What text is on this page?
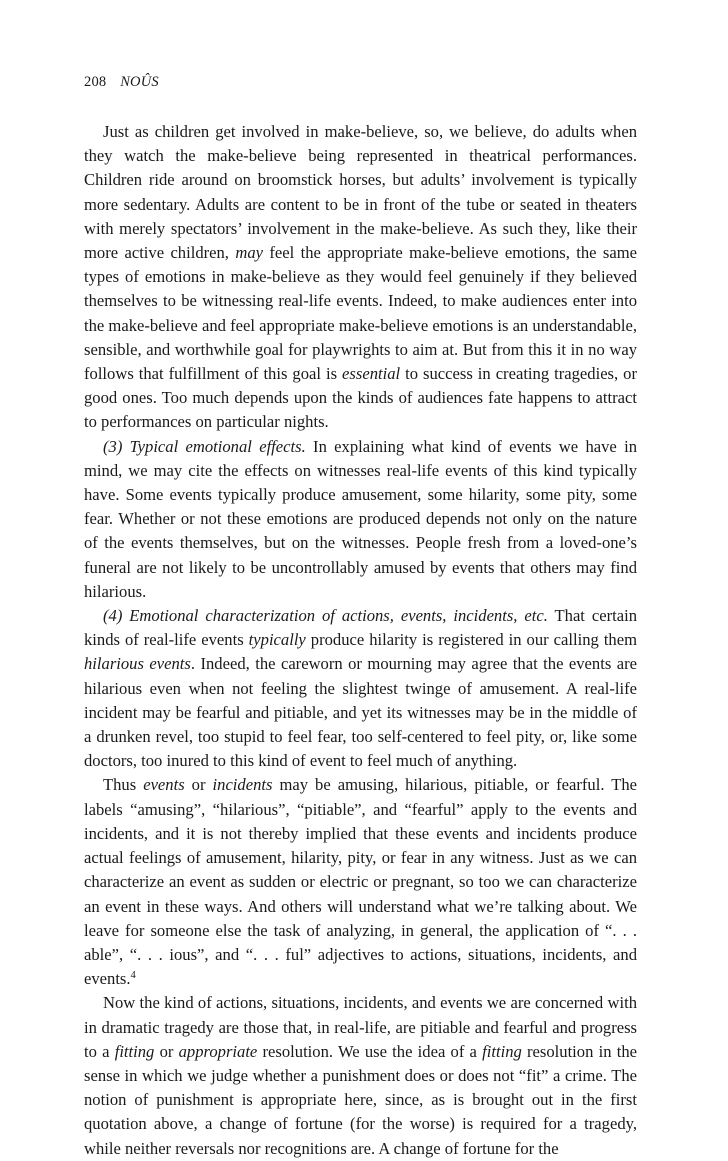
208 NOÛS

Just as children get involved in make-believe, so, we believe, do adults when they watch the make-believe being represented in theatrical performances. Children ride around on broomstick horses, but adults’ involvement is typically more sedentary. Adults are content to be in front of the tube or seated in theaters with merely spectators’ involvement in the make-believe. As such they, like their more active children, may feel the appropriate make-believe emotions, the same types of emotions in make-believe as they would feel genuinely if they believed themselves to be witnessing real-life events. Indeed, to make audiences enter into the make-believe and feel appropriate make-believe emotions is an understandable, sensible, and worthwhile goal for playwrights to aim at. But from this it in no way follows that fulfillment of this goal is essential to success in creating tragedies, or good ones. Too much depends upon the kinds of audiences fate happens to attract to performances on particular nights.

(3) Typical emotional effects. In explaining what kind of events we have in mind, we may cite the effects on witnesses real-life events of this kind typically have. Some events typically produce amusement, some hilarity, some pity, some fear. Whether or not these emotions are produced depends not only on the nature of the events themselves, but on the witnesses. People fresh from a loved-one’s funeral are not likely to be uncontrollably amused by events that others may find hilarious.

(4) Emotional characterization of actions, events, incidents, etc. That certain kinds of real-life events typically produce hilarity is registered in our calling them hilarious events. Indeed, the careworn or mourning may agree that the events are hilarious even when not feeling the slightest twinge of amusement. A real-life incident may be fearful and pitiable, and yet its witnesses may be in the middle of a drunken revel, too stupid to feel fear, too self-centered to feel pity, or, like some doctors, too inured to this kind of event to feel much of anything.

Thus events or incidents may be amusing, hilarious, pitiable, or fearful. The labels “amusing”, “hilarious”, “pitiable”, and “fearful” apply to the events and incidents, and it is not thereby implied that these events and incidents produce actual feelings of amusement, hilarity, pity, or fear in any witness. Just as we can characterize an event as sudden or electric or pregnant, so too we can characterize an event in these ways. And others will understand what we’re talking about. We leave for someone else the task of analyzing, in general, the application of “. . . able”, “. . . ious”, and “. . . ful” adjectives to actions, situations, incidents, and events.$^4$

Now the kind of actions, situations, incidents, and events we are concerned with in dramatic tragedy are those that, in real-life, are pitiable and fearful and progress to a fitting or appropriate resolution. We use the idea of a fitting resolution in the sense in which we judge whether a punishment does or does not “fit” a crime. The notion of punishment is appropriate here, since, as is brought out in the first quotation above, a change of fortune (for the worse) is required for a tragedy, while neither reversals nor recognitions are. A change of fortune for the
